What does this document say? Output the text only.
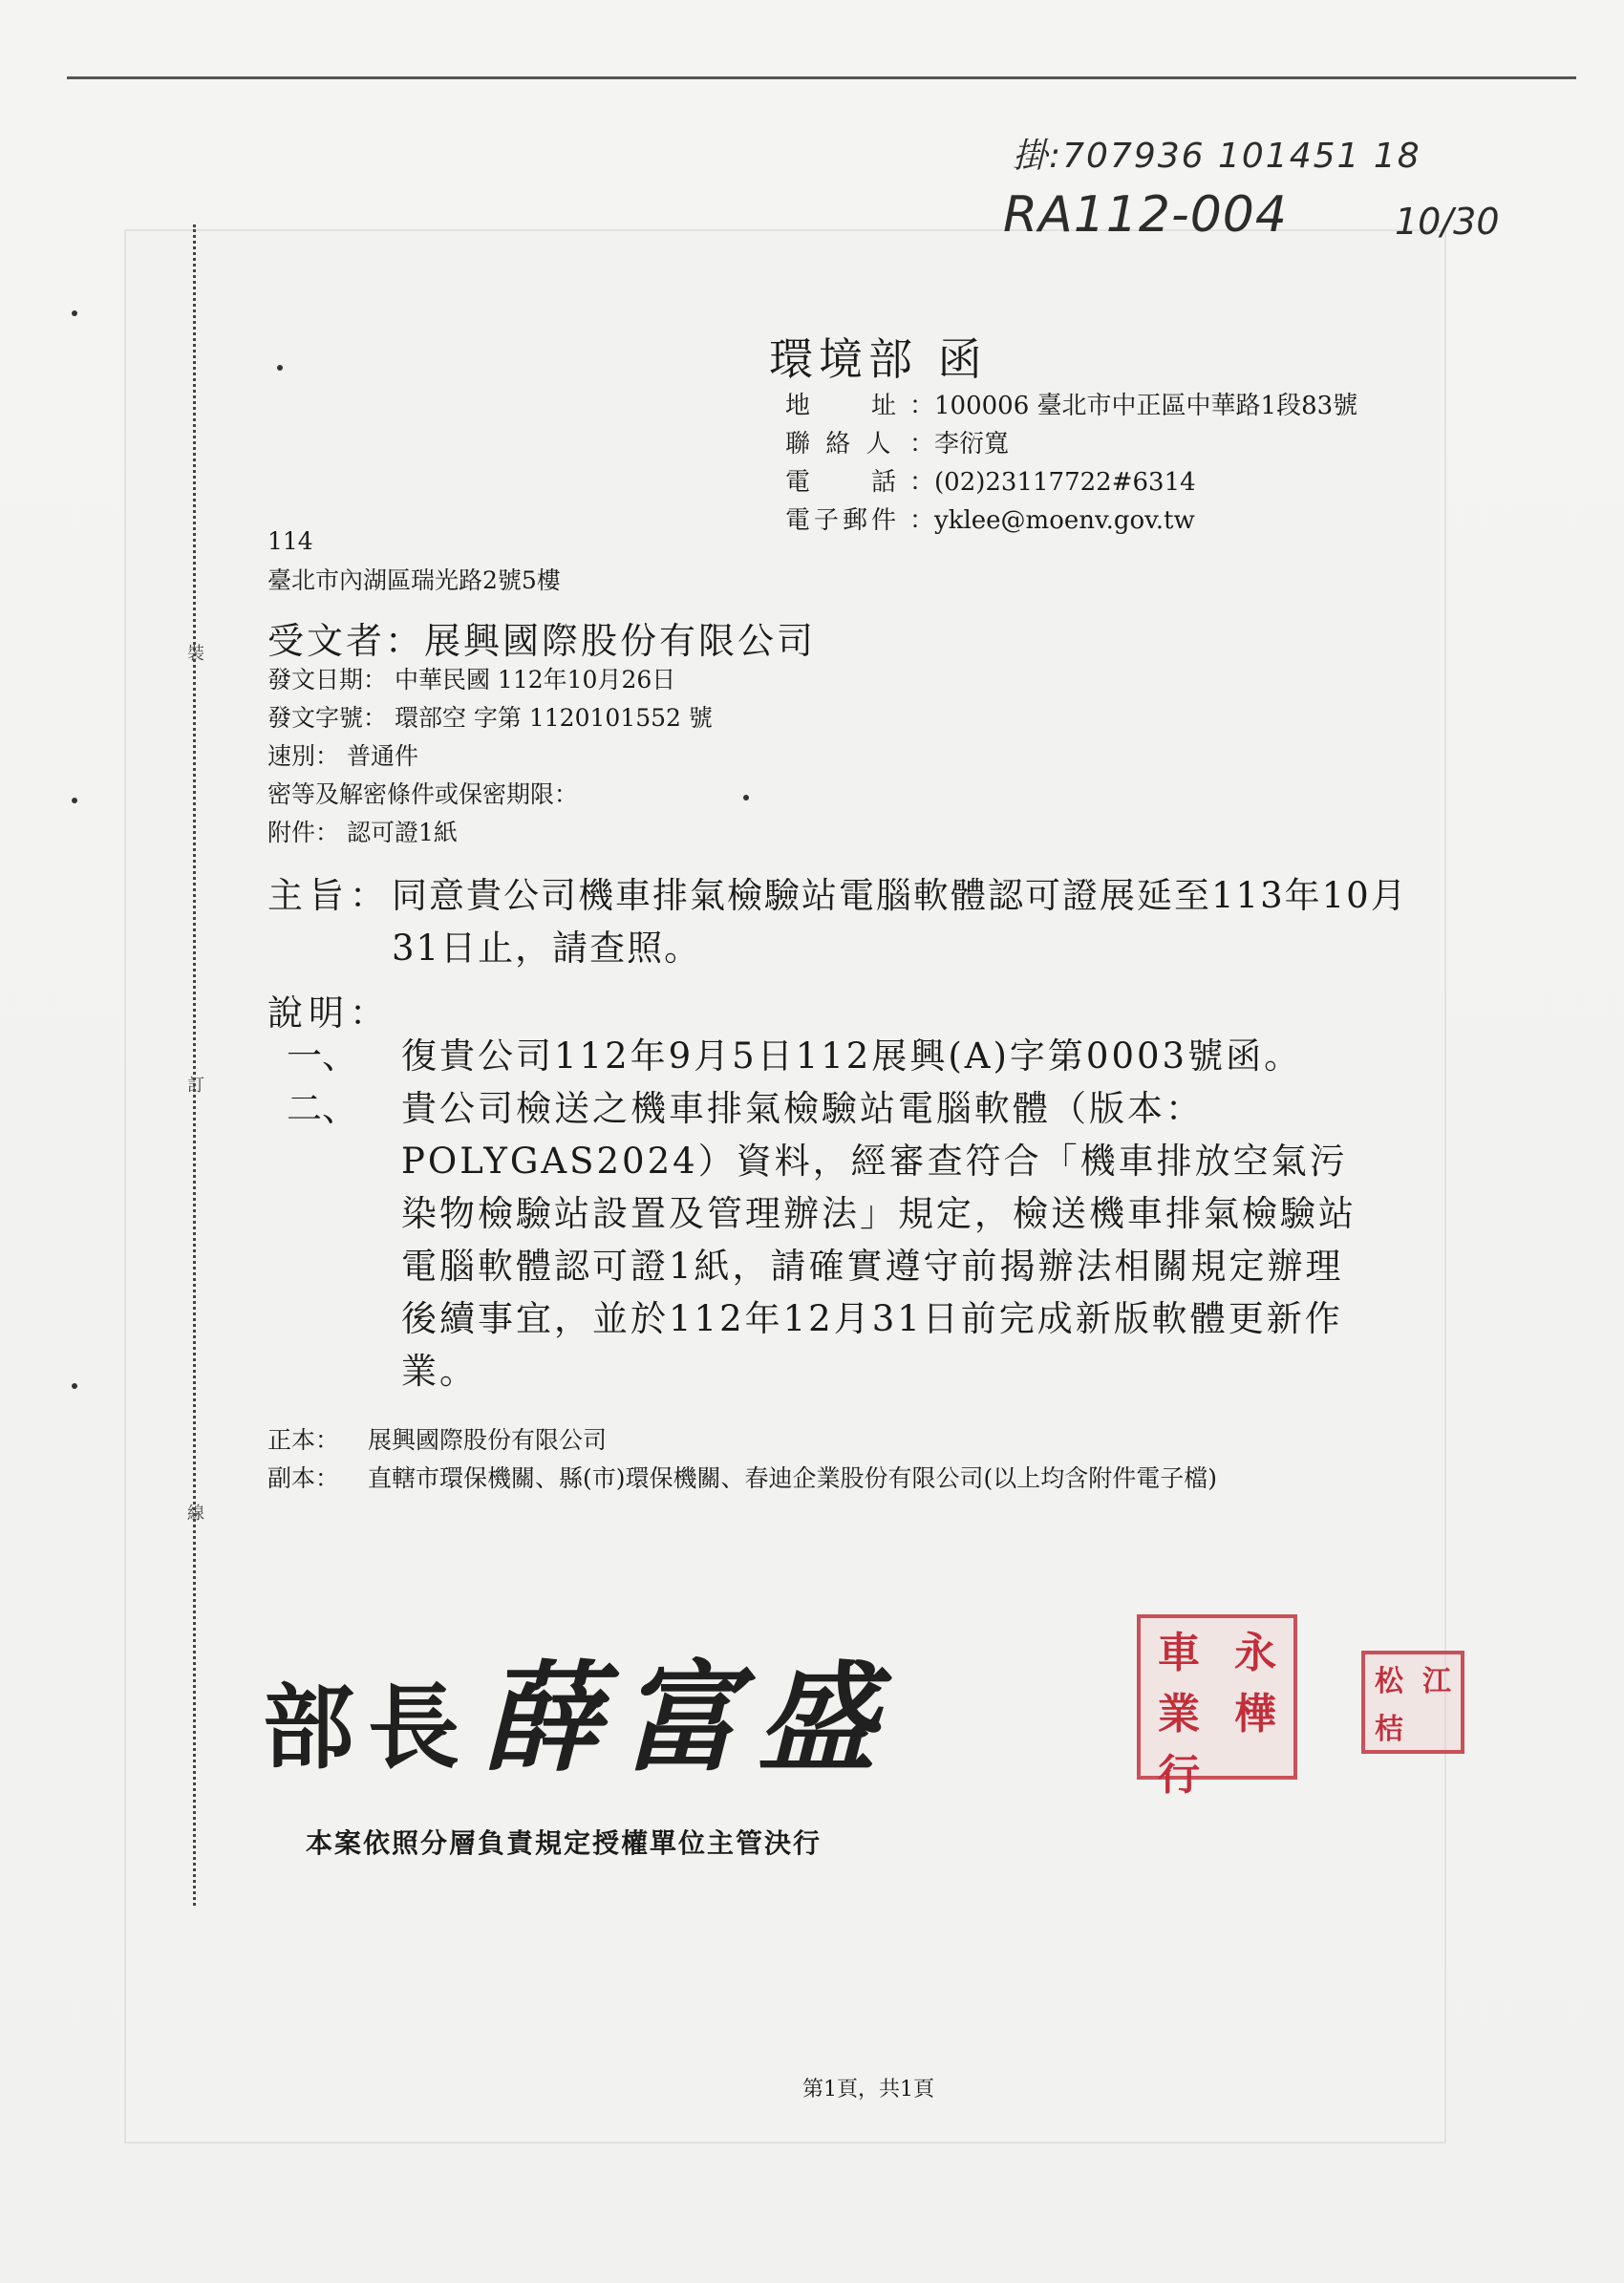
掛:707936 101451 18
RA112-004	10/30
裝
訂
線
環境部 函
地　　址 ： 100006 臺北市中正區中華路1段83號
聯 絡 人 ： 李衍寬
電　　話 ： (02)23117722#6314
電子郵件 ： yklee@moenv.gov.tw
114
臺北市內湖區瑞光路2號5樓
受文者：展興國際股份有限公司
發文日期： 中華民國 112年10月26日
發文字號： 環部空 字第 1120101552 號
速別： 普通件
密等及解密條件或保密期限：
附件： 認可證1紙
主旨： 同意貴公司機車排氣檢驗站電腦軟體認可證展延至113年10月31日止，請查照。
說明：
一、	復貴公司112年9月5日112展興(A)字第0003號函。
二、	貴公司檢送之機車排氣檢驗站電腦軟體（版本：POLYGAS2024）資料，經審查符合「機車排放空氣污染物檢驗站設置及管理辦法」規定，檢送機車排氣檢驗站電腦軟體認可證1紙，請確實遵守前揭辦法相關規定辦理後續事宜，並於112年12月31日前完成新版軟體更新作業。
正本：	展興國際股份有限公司
副本：	直轄市環保機關、縣(市)環保機關、春迪企業股份有限公司(以上均含附件電子檔)
部長薛富盛
本案依照分層負責規定授權單位主管決行
車 永
業 樺
行
松 江
桔
第1頁，共1頁
